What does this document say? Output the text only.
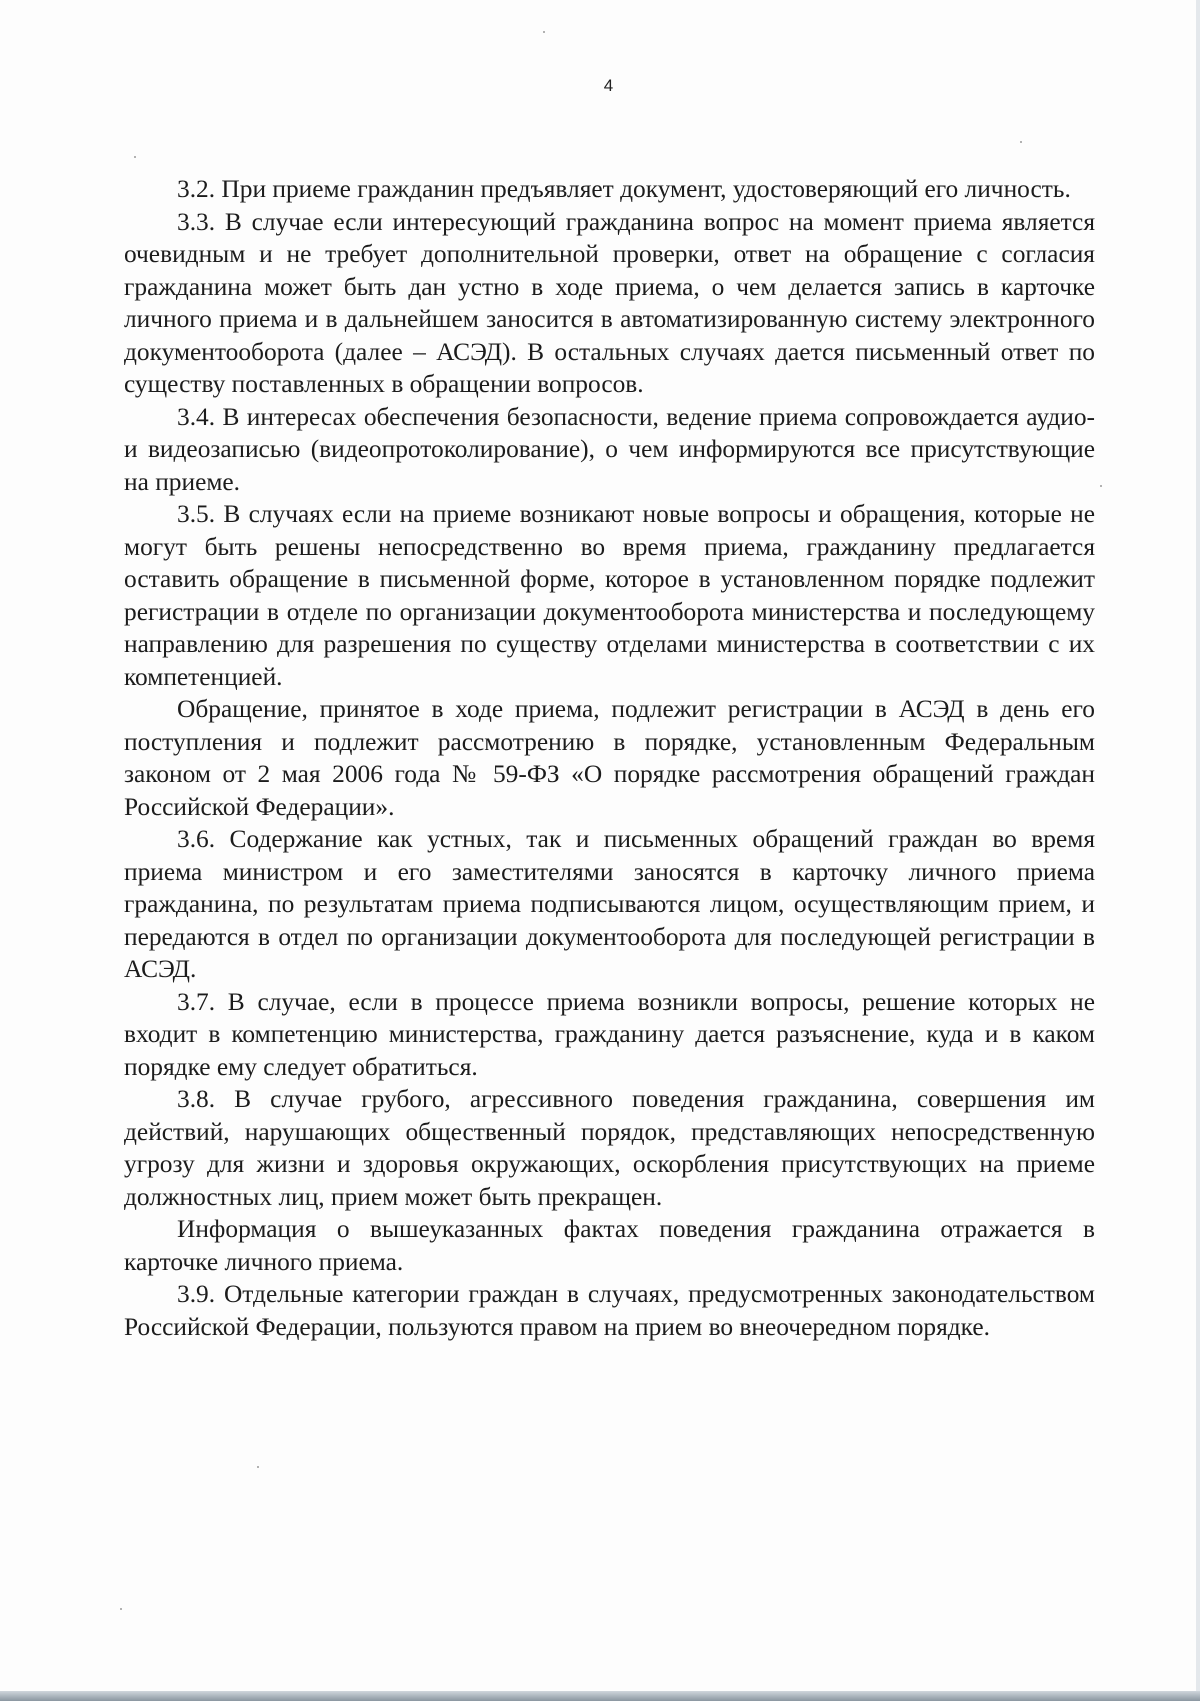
4

3.2. При приеме гражданин предъявляет документ, удостоверяющий его личность.

3.3. В случае если интересующий гражданина вопрос на момент приема является очевидным и не требует дополнительной проверки, ответ на обращение с согласия гражданина может быть дан устно в ходе приема, о чем делается запись в карточке личного приема и в дальнейшем заносится в автоматизированную систему электронного документооборота (далее – АСЭД). В остальных случаях дается письменный ответ по существу поставленных в обращении вопросов.

3.4. В интересах обеспечения безопасности, ведение приема сопровождается аудио-и видеозаписью (видеопротоколирование), о чем информируются все присутствующие на приеме.

3.5. В случаях если на приеме возникают новые вопросы и обращения, которые не могут быть решены непосредственно во время приема, гражданину предлагается оставить обращение в письменной форме, которое в установленном порядке подлежит регистрации в отделе по организации документооборота министерства и последующему направлению для разрешения по существу отделами министерства в соответствии с их компетенцией.

Обращение, принятое в ходе приема, подлежит регистрации в АСЭД в день его поступления и подлежит рассмотрению в порядке, установленным Федеральным законом от 2 мая 2006 года № 59-ФЗ «О порядке рассмотрения обращений граждан Российской Федерации».

3.6. Содержание как устных, так и письменных обращений граждан во время приема министром и его заместителями заносятся в карточку личного приема гражданина, по результатам приема подписываются лицом, осуществляющим прием, и передаются в отдел по организации документооборота для последующей регистрации в АСЭД.

3.7. В случае, если в процессе приема возникли вопросы, решение которых не входит в компетенцию министерства, гражданину дается разъяснение, куда и в каком порядке ему следует обратиться.

3.8. В случае грубого, агрессивного поведения гражданина, совершения им действий, нарушающих общественный порядок, представляющих непосредственную угрозу для жизни и здоровья окружающих, оскорбления присутствующих на приеме должностных лиц, прием может быть прекращен.

Информация о вышеуказанных фактах поведения гражданина отражается в карточке личного приема.

3.9. Отдельные категории граждан в случаях, предусмотренных законодательством Российской Федерации, пользуются правом на прием во внеочередном порядке.
